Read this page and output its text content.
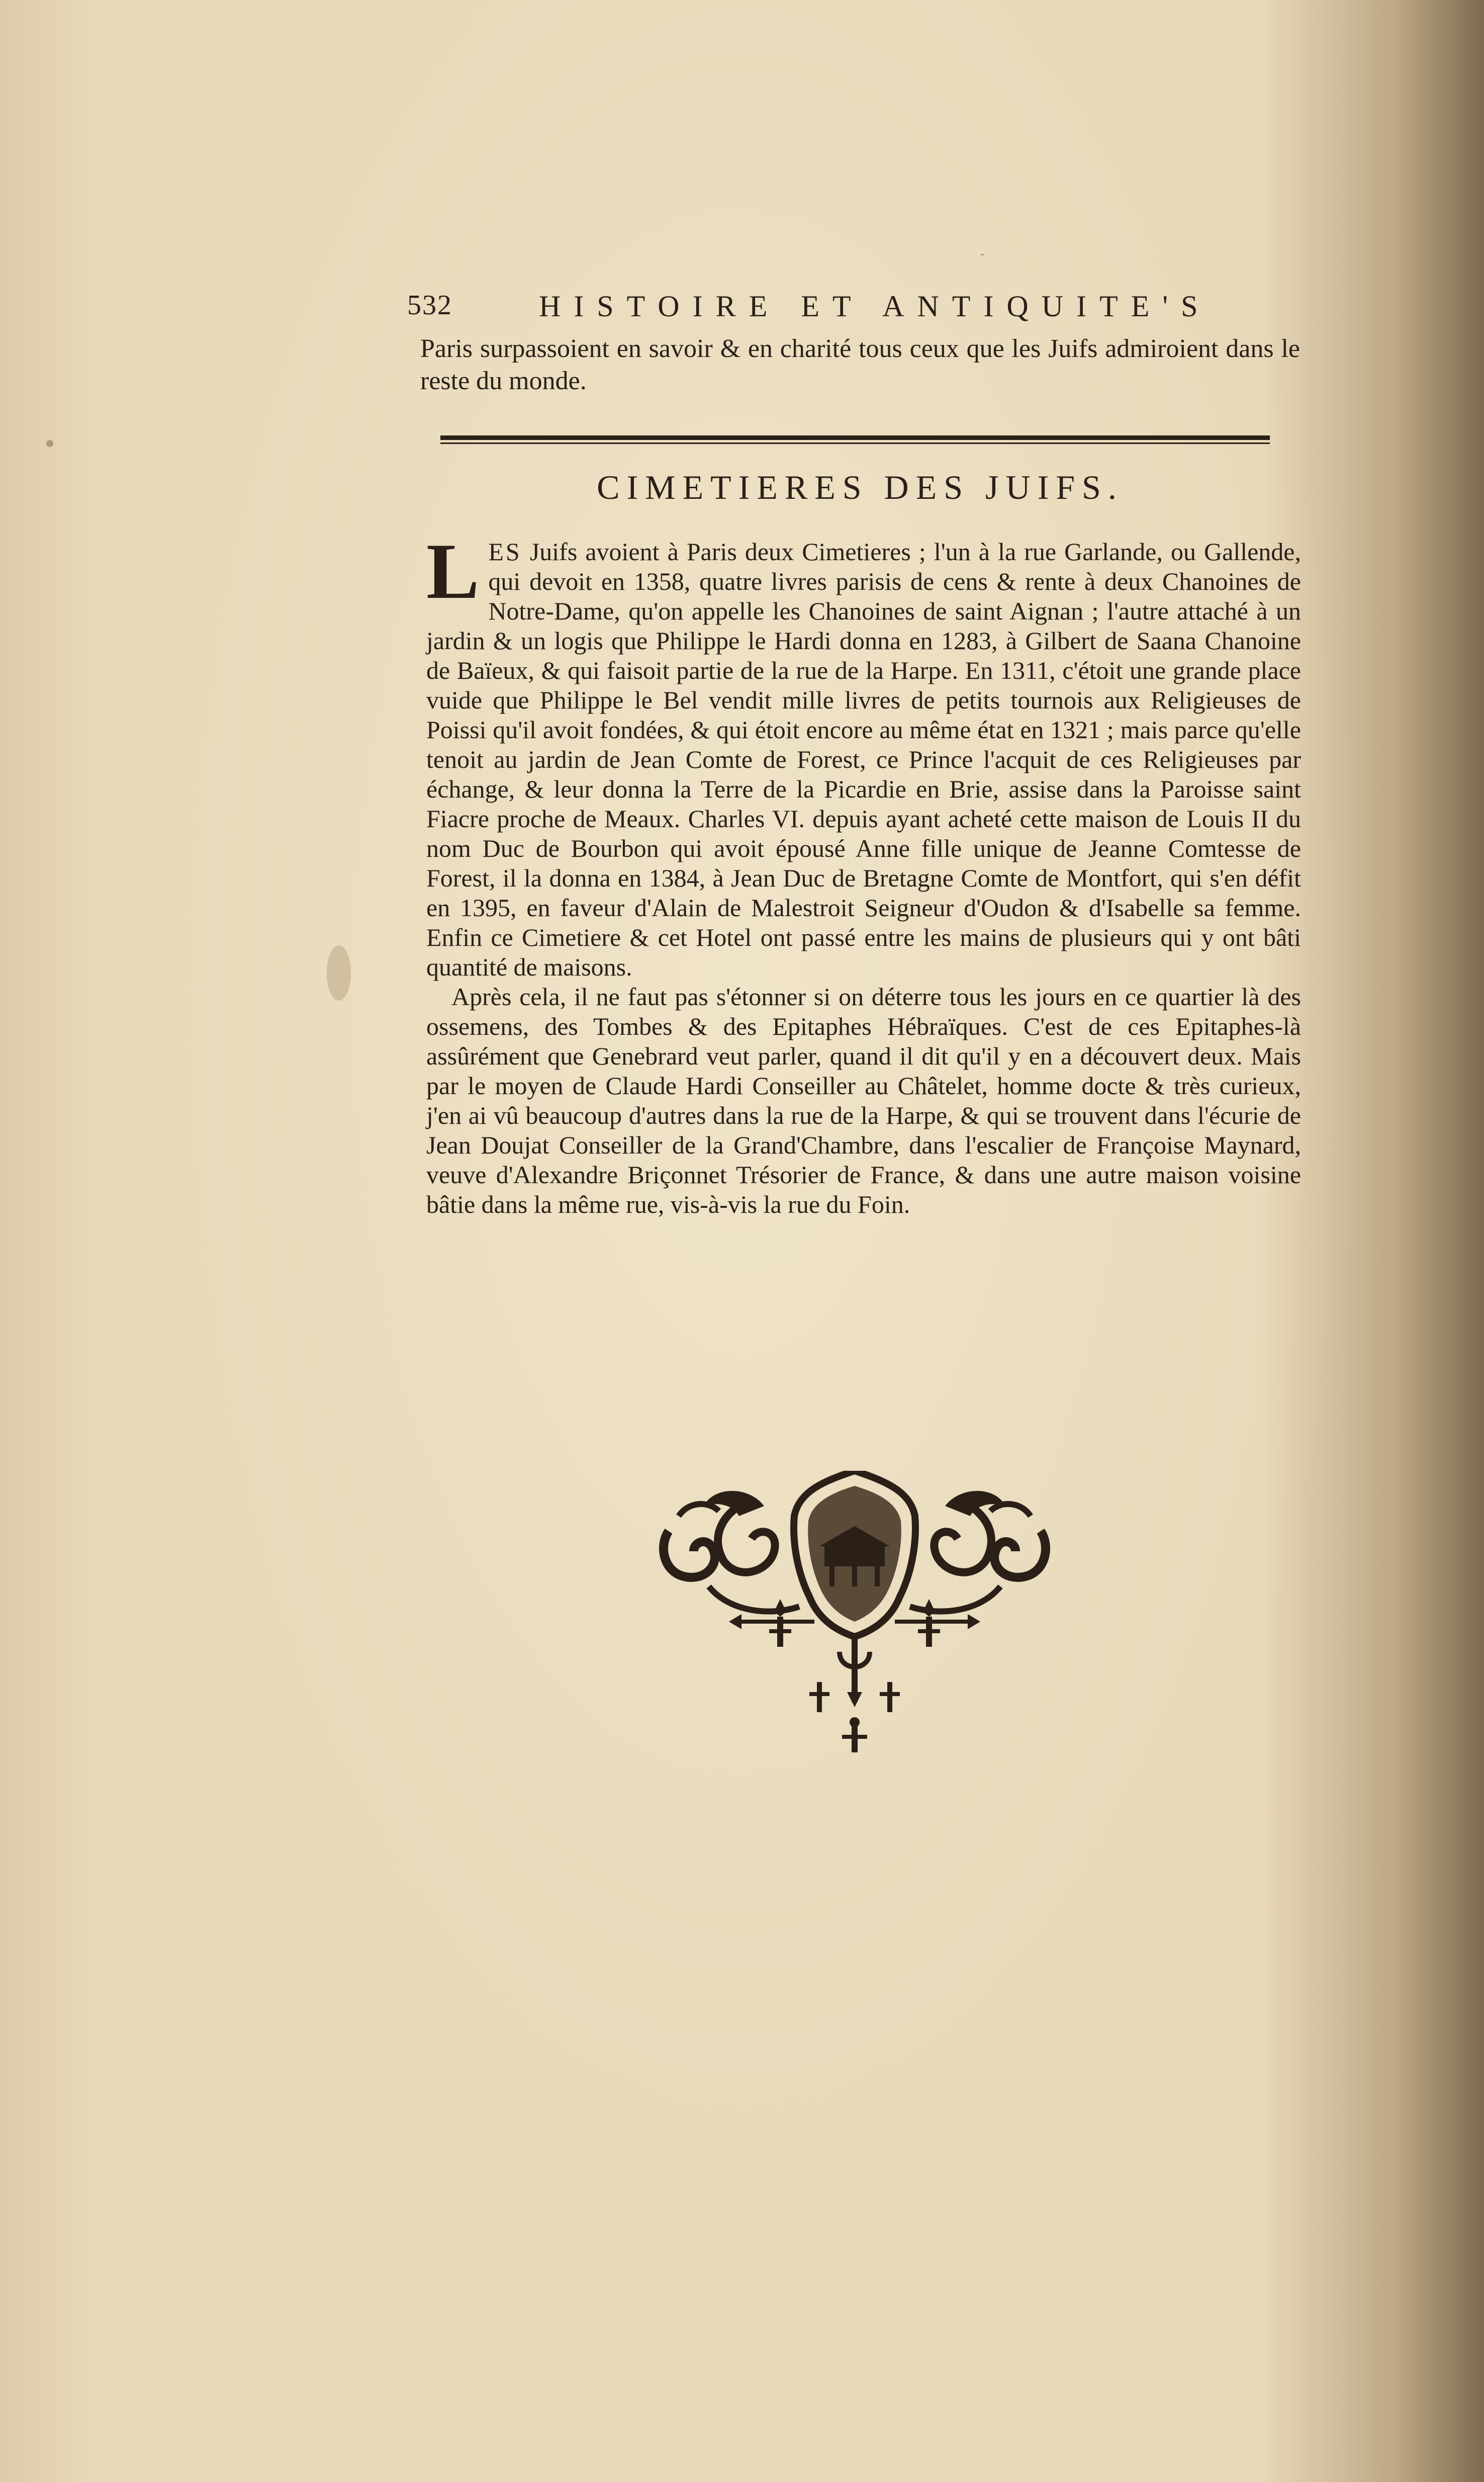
532	HISTOIRE ET ANTIQUITE'S
Paris surpassoient en savoir & en charité tous ceux que les Juifs admiroient dans le reste du monde.
CIMETIERES DES JUIFS.

LES Juifs avoient à Paris deux Cimetieres ; l'un à la rue Garlande, ou Gallende, qui devoit en 1358, quatre livres parisis de cens & rente à deux Chanoines de Notre-Dame, qu'on appelle les Chanoines de saint Aignan ; l'autre attaché à un jardin & un logis que Philippe le Hardi donna en 1283, à Gilbert de Saana Chanoine de Baïeux, & qui faisoit partie de la rue de la Harpe. En 1311, c'étoit une grande place vuide que Philippe le Bel vendit mille livres de petits tournois aux Religieuses de Poissi qu'il avoit fondées, & qui étoit encore au même état en 1321 ; mais parce qu'elle tenoit au jardin de Jean Comte de Forest, ce Prince l'acquit de ces Religieuses par échange, & leur donna la Terre de la Picardie en Brie, assise dans la Paroisse saint Fiacre proche de Meaux. Charles VI. depuis ayant acheté cette maison de Louis II du nom Duc de Bourbon qui avoit épousé Anne fille unique de Jeanne Comtesse de Forest, il la donna en 1384, à Jean Duc de Bretagne Comte de Montfort, qui s'en défit en 1395, en faveur d'Alain de Malestroit Seigneur d'Oudon & d'Isabelle sa femme. Enfin ce Cimetiere & cet Hotel ont passé entre les mains de plusieurs qui y ont bâti quantité de maisons.

Après cela, il ne faut pas s'étonner si on déterre tous les jours en ce quartier là des ossemens, des Tombes & des Epitaphes Hébraïques. C'est de ces Epitaphes-là assûrément que Genebrard veut parler, quand il dit qu'il y en a découvert deux. Mais par le moyen de Claude Hardi Conseiller au Châtelet, homme docte & très curieux, j'en ai vû beaucoup d'autres dans la rue de la Harpe, & qui se trouvent dans l'écurie de Jean Doujat Conseiller de la Grand'Chambre, dans l'escalier de Françoise Maynard, veuve d'Alexandre Briçonnet Trésorier de France, & dans une autre maison voisine bâtie dans la même rue, vis-à-vis la rue du Foin.
